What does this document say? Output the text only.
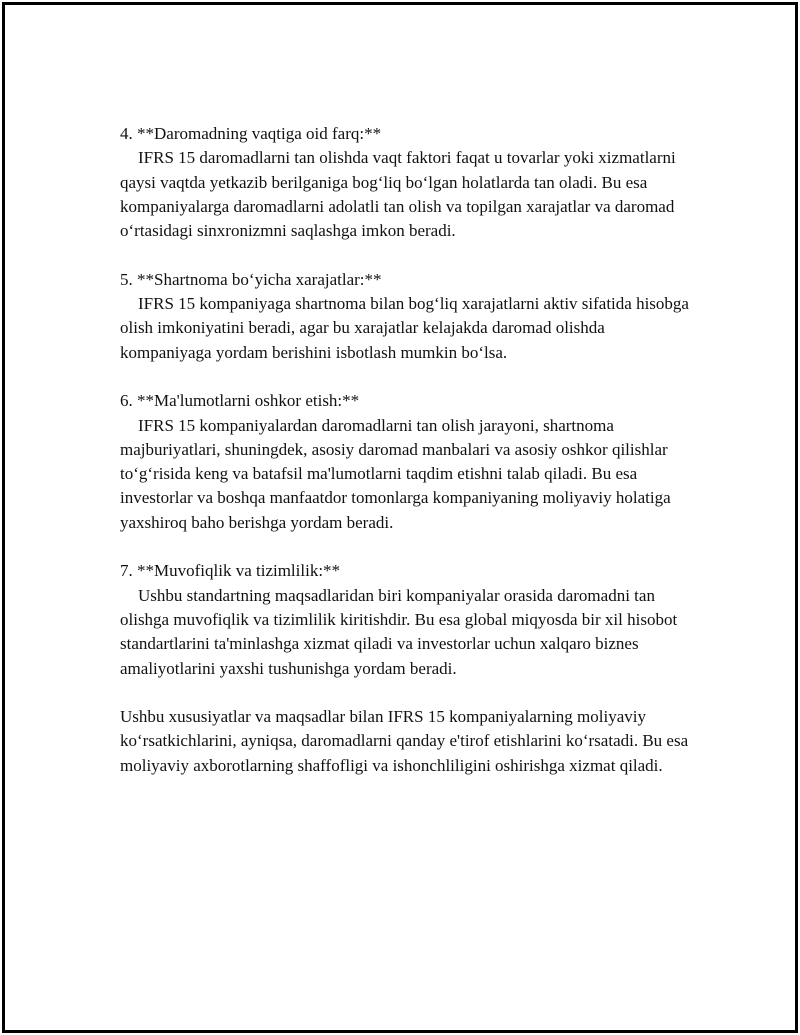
4. **Daromadning vaqtiga oid farq:**
IFRS 15 daromadlarni tan olishda vaqt faktori faqat u tovarlar yoki xizmatlarni qaysi vaqtda yetkazib berilganiga bog‘liq bo‘lgan holatlarda tan oladi. Bu esa kompaniyalarga daromadlarni adolatli tan olish va topilgan xarajatlar va daromad o‘rtasidagi sinxronizmni saqlashga imkon beradi.
5. **Shartnoma bo‘yicha xarajatlar:**
IFRS 15 kompaniyaga shartnoma bilan bog‘liq xarajatlarni aktiv sifatida hisobga olish imkoniyatini beradi, agar bu xarajatlar kelajakda daromad olishda kompaniyaga yordam berishini isbotlash mumkin bo‘lsa.
6. **Ma'lumotlarni oshkor etish:**
IFRS 15 kompaniyalardan daromadlarni tan olish jarayoni, shartnoma majburiyatlari, shuningdek, asosiy daromad manbalari va asosiy oshkor qilishlar to‘g‘risida keng va batafsil ma'lumotlarni taqdim etishni talab qiladi. Bu esa investorlar va boshqa manfaatdor tomonlarga kompaniyaning moliyaviy holatiga yaxshiroq baho berishga yordam beradi.
7. **Muvofiqlik va tizimlilik:**
Ushbu standartning maqsadlaridan biri kompaniyalar orasida daromadni tan olishga muvofiqlik va tizimlilik kiritishdir. Bu esa global miqyosda bir xil hisobot standartlarini ta'minlashga xizmat qiladi va investorlar uchun xalqaro biznes amaliyotlarini yaxshi tushunishga yordam beradi.

Ushbu xususiyatlar va maqsadlar bilan IFRS 15 kompaniyalarning moliyaviy ko‘rsatkichlarini, ayniqsa, daromadlarni qanday e'tirof etishlarini ko‘rsatadi. Bu esa moliyaviy axborotlarning shaffofligi va ishonchliligini oshirishga xizmat qiladi.
